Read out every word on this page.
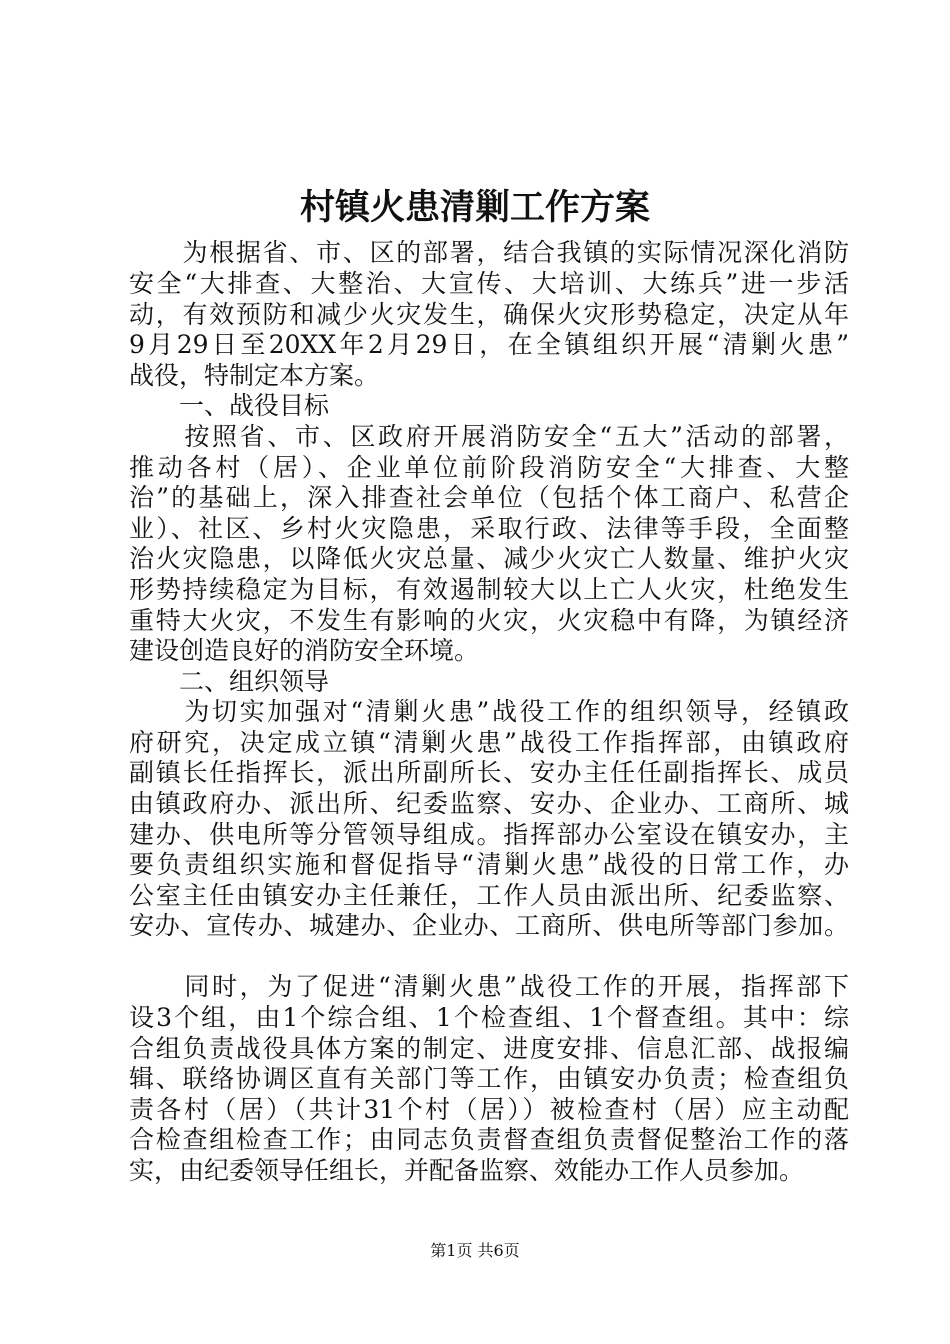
村镇火患清剿工作方案
　　为根据省、市、区的部署，结合我镇的实际情况深化消防
安全“大排查、大整治、大宣传、大培训、大练兵”进一步活
动，有效预防和减少火灾发生，确保火灾形势稳定，决定从年
9月29日至20XX年2月29日，在全镇组织开展“清剿火患”
战役，特制定本方案。
　　一、战役目标
　　按照省、市、区政府开展消防安全“五大”活动的部署，
推动各村（居）、企业单位前阶段消防安全“大排查、大整
治”的基础上，深入排查社会单位（包括个体工商户、私营企
业）、社区、乡村火灾隐患，采取行政、法律等手段，全面整
治火灾隐患，以降低火灾总量、减少火灾亡人数量、维护火灾
形势持续稳定为目标，有效遏制较大以上亡人火灾，杜绝发生
重特大火灾，不发生有影响的火灾，火灾稳中有降，为镇经济
建设创造良好的消防安全环境。
　　二、组织领导
　　为切实加强对“清剿火患”战役工作的组织领导，经镇政
府研究，决定成立镇“清剿火患”战役工作指挥部，由镇政府
副镇长任指挥长，派出所副所长、安办主任任副指挥长、成员
由镇政府办、派出所、纪委监察、安办、企业办、工商所、城
建办、供电所等分管领导组成。指挥部办公室设在镇安办，主
要负责组织实施和督促指导“清剿火患”战役的日常工作，办
公室主任由镇安办主任兼任，工作人员由派出所、纪委监察、
安办、宣传办、城建办、企业办、工商所、供电所等部门参加。
　　同时，为了促进“清剿火患”战役工作的开展，指挥部下
设3个组，由1个综合组、1个检查组、1个督查组。其中：综
合组负责战役具体方案的制定、进度安排、信息汇部、战报编
辑、联络协调区直有关部门等工作，由镇安办负责；检查组负
责各村（居）（共计31个村（居））被检查村（居）应主动配
合检查组检查工作；由同志负责督查组负责督促整治工作的落
实，由纪委领导任组长，并配备监察、效能办工作人员参加。
第1页 共6页
